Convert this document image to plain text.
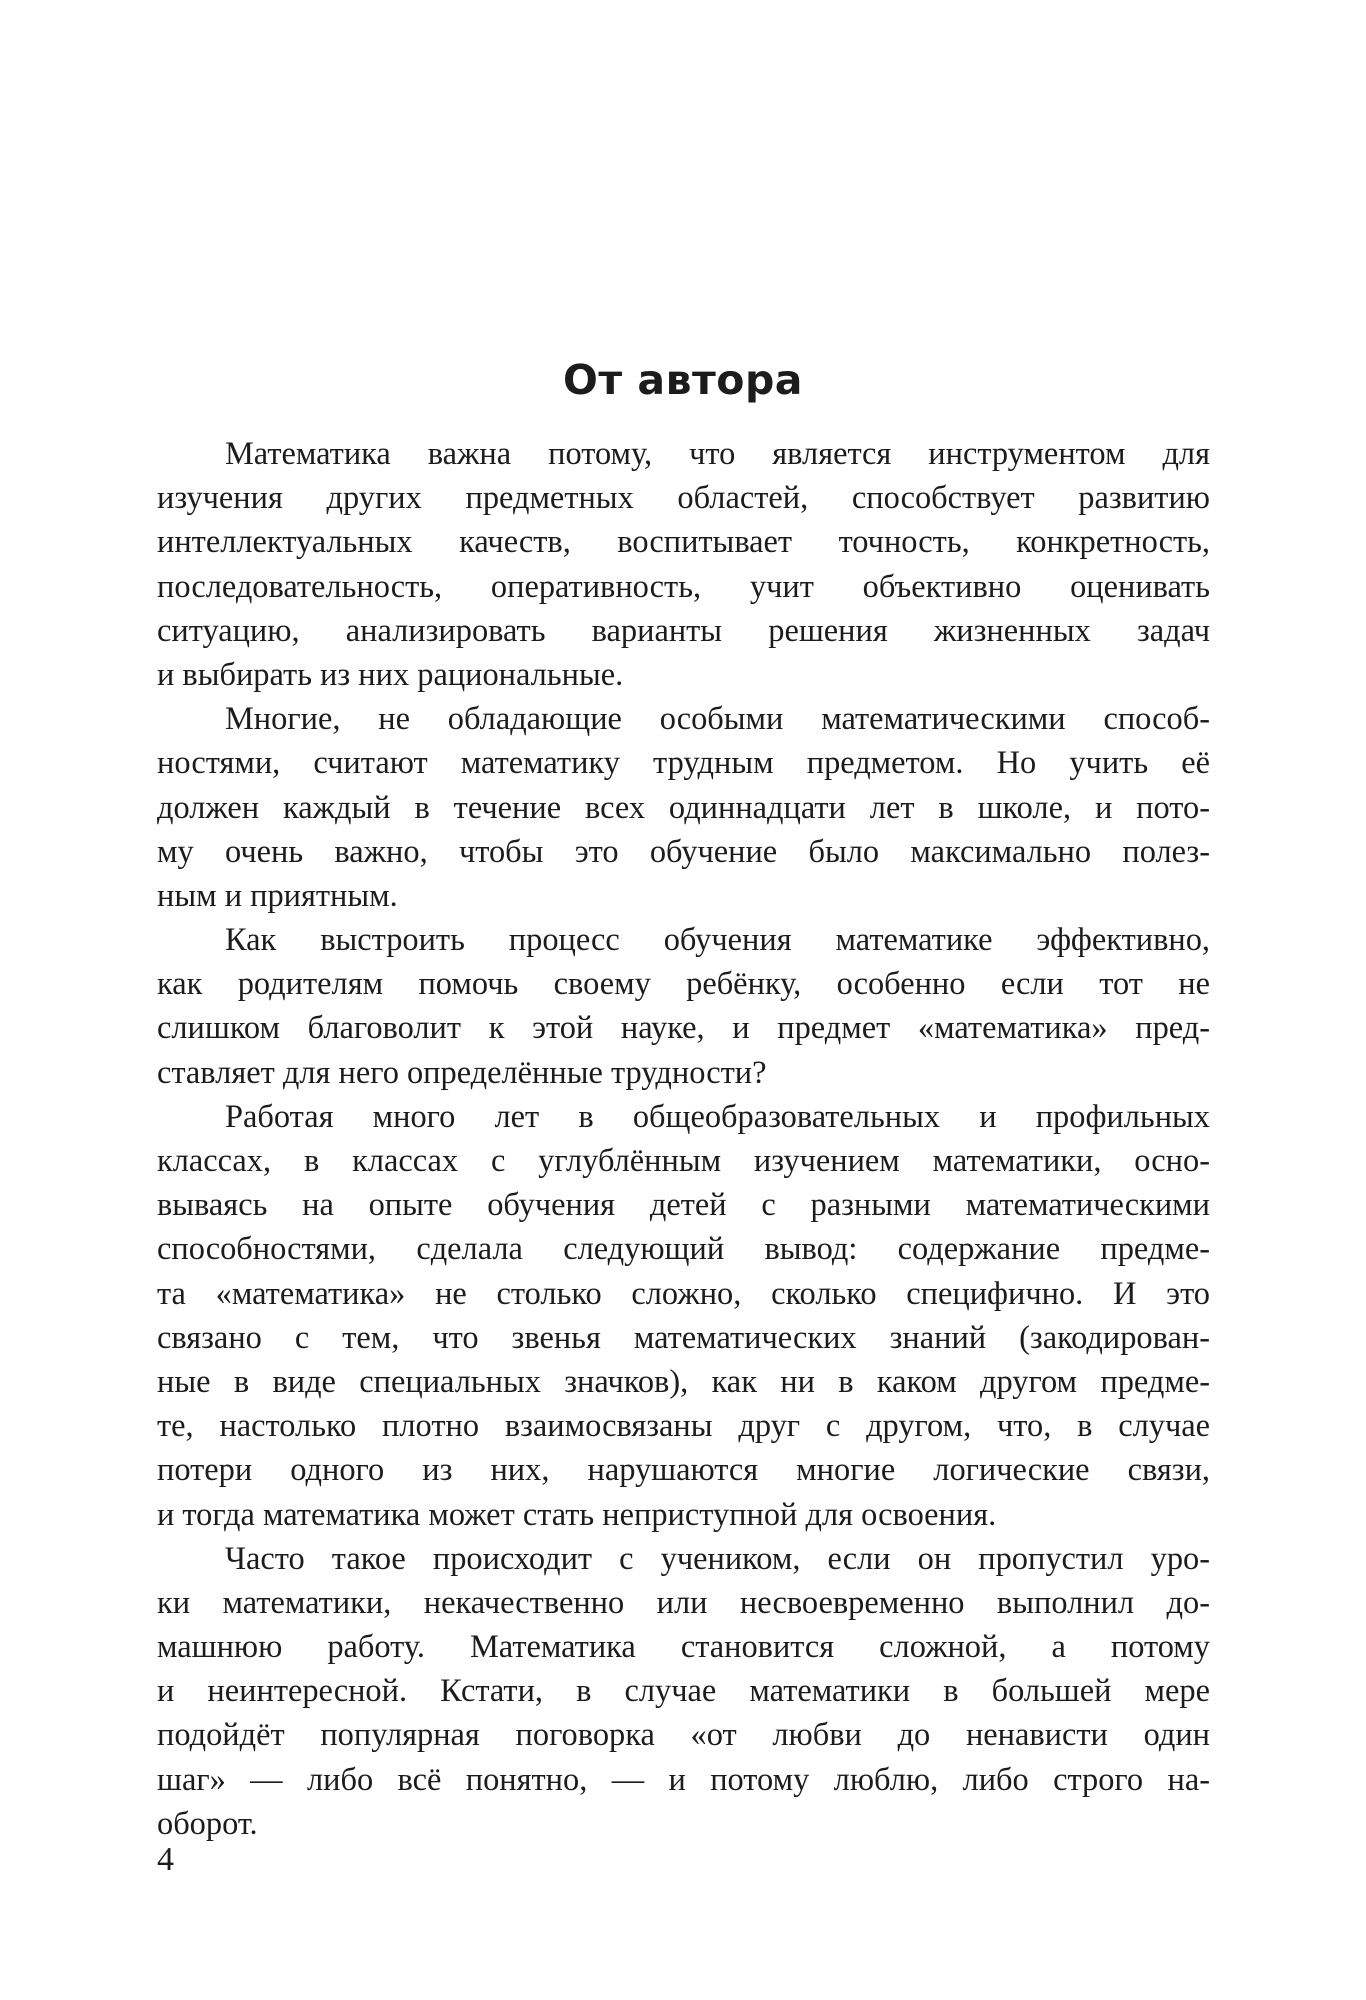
От автора
Математика важна потому, что является инструментом для
изучения других предметных областей, способствует развитию
интеллектуальных качеств, воспитывает точность, конкретность,
последовательность, оперативность, учит объективно оценивать
ситуацию, анализировать варианты решения жизненных задач
и выбирать из них рациональные.
Многие, не обладающие особыми математическими способ-
ностями, считают математику трудным предметом. Но учить её
должен каждый в течение всех одиннадцати лет в школе, и пото-
му очень важно, чтобы это обучение было максимально полез-
ным и приятным.
Как выстроить процесс обучения математике эффективно,
как родителям помочь своему ребёнку, особенно если тот не
слишком благоволит к этой науке, и предмет «математика» пред-
ставляет для него определённые трудности?
Работая много лет в общеобразовательных и профильных
классах, в классах с углублённым изучением математики, осно-
вываясь на опыте обучения детей с разными математическими
способностями, сделала следующий вывод: содержание предме-
та «математика» не столько сложно, сколько специфично. И это
связано с тем, что звенья математических знаний (закодирован-
ные в виде специальных значков), как ни в каком другом предме-
те, настолько плотно взаимосвязаны друг с другом, что, в случае
потери одного из них, нарушаются многие логические связи,
и тогда математика может стать неприступной для освоения.
Часто такое происходит с учеником, если он пропустил уро-
ки математики, некачественно или несвоевременно выполнил до-
машнюю работу. Математика становится сложной, а потому
и неинтересной. Кстати, в случае математики в большей мере
подойдёт популярная поговорка «от любви до ненависти один
шаг» — либо всё понятно, — и потому люблю, либо строго на-
оборот.
4
